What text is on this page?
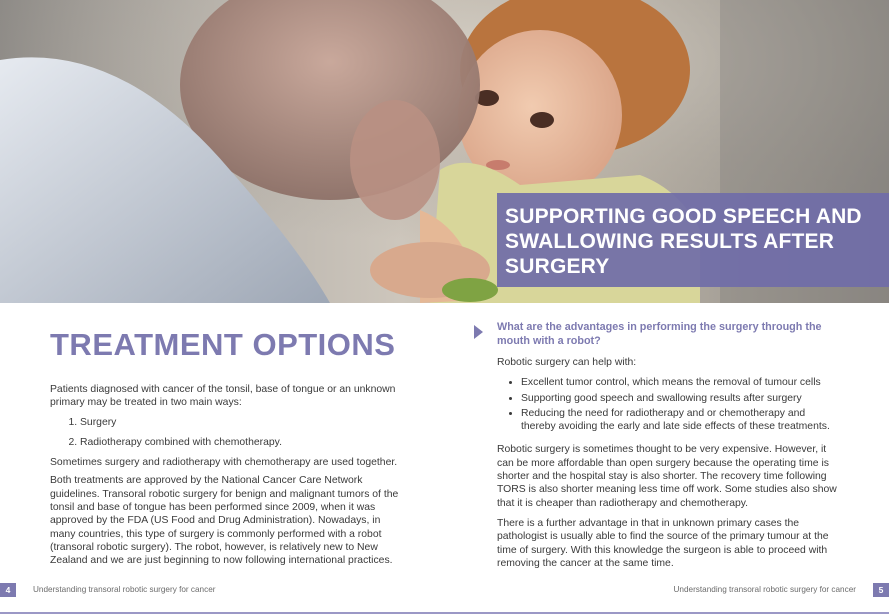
SUPPORTING GOOD SPEECH AND SWALLOWING RESULTS AFTER SURGERY
TREATMENT OPTIONS

Patients diagnosed with cancer of the tonsil, base of tongue or an unknown primary may be treated in two main ways:

1. Surgery
2. Radiotherapy combined with chemotherapy.

Sometimes surgery and radiotherapy with chemotherapy are used together.

Both treatments are approved by the National Cancer Care Network guidelines. Transoral robotic surgery for benign and malignant tumors of the tonsil and base of tongue has been performed since 2009, when it was approved by the FDA (US Food and Drug Administration). Nowadays, in many countries, this type of surgery is commonly performed with a robot (transoral robotic surgery). The robot, however, is relatively new to New Zealand and we are just beginning to now following international practices.

What are the advantages in performing the surgery through the mouth with a robot?

Robotic surgery can help with:

• Excellent tumor control, which means the removal of tumour cells
• Supporting good speech and swallowing results after surgery
• Reducing the need for radiotherapy and or chemotherapy and thereby avoiding the early and late side effects of these treatments.

Robotic surgery is sometimes thought to be very expensive. However, it can be more affordable than open surgery because the operating time is shorter and the hospital stay is also shorter. The recovery time following TORS is also shorter meaning less time off work. Some studies also show that it is cheaper than radiotherapy and chemotherapy.

There is a further advantage in that in unknown primary cases the pathologist is usually able to find the source of the primary tumour at the time of surgery. With this knowledge the surgeon is able to proceed with removing the cancer at the same time.

4	Understanding transoral robotic surgery for cancer	Understanding transoral robotic surgery for cancer	5
